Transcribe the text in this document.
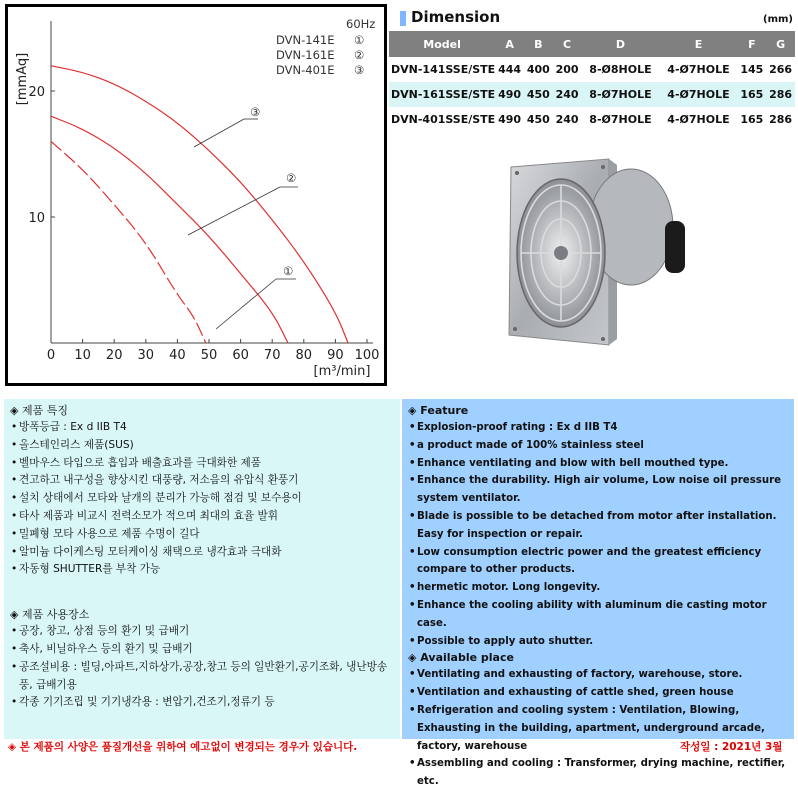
0 10 20 30 40 50 60 70 80 90 100
20
10
[mmAq]
[m³/min]
60Hz
DVN-141E ①
DVN-161E ②
DVN-401E ③
③
②
①
Dimension	(mm)
Model	A	B	C	D	E	F	G
DVN-141SSE/STE	444	400	200	8-Ø8HOLE	4-Ø7HOLE	145	266
DVN-161SSE/STE	490	450	240	8-Ø7HOLE	4-Ø7HOLE	165	286
DVN-401SSE/STE	490	450	240	8-Ø7HOLE	4-Ø7HOLE	165	286
◈ 제품 특징
• 방폭등급 : Ex d IIB T4
• 올스테인리스 제품(SUS)
• 벨마우스 타입으로 흡입과 배출효과를 극대화한 제품
• 견고하고 내구성을 향상시킨 대풍량, 저소음의 유압식 환풍기
• 설치 상태에서 모타와 날개의 분리가 가능해 점검 및 보수용이
• 타사 제품과 비교시 전력소모가 적으며 최대의 효율 발휘
• 밀폐형 모타 사용으로 제품 수명이 길다
• 알미늄 다이케스팅 모터케이싱 채택으로 냉각효과 극대화
• 자동형 SHUTTER를 부착 가능
◈ 제품 사용장소
• 공장, 창고, 상점 등의 환기 및 급배기
• 축사, 비닐하우스 등의 환기 및 급배기
• 공조설비용 : 빌딩,아파트,지하상가,공장,창고 등의 일반환기,공기조화, 냉난방송풍, 급배기용
• 각종 기기조립 및 기기냉각용 : 변압기,건조기,정류기 등
◈ Feature
• Explosion-proof rating : Ex d IIB T4
• a product made of 100% stainless steel
• Enhance ventilating and blow with bell mouthed type.
• Enhance the durability. High air volume, Low noise oil pressure system ventilator.
• Blade is possible to be detached from motor after installation. Easy for inspection or repair.
• Low consumption electric power and the greatest efficiency compare to other products.
• hermetic motor. Long longevity.
• Enhance the cooling ability with aluminum die casting motor case.
• Possible to apply auto shutter.
◈ Available place
• Ventilating and exhausting of factory, warehouse, store.
• Ventilation and exhausting of cattle shed, green house
• Refrigeration and cooling system : Ventilation, Blowing, Exhausting in the building, apartment, underground arcade, factory, warehouse
• Assembling and cooling : Transformer, drying machine, rectifier, etc.
◈ 본 제품의 사양은 품질개선을 위하여 예고없이 변경되는 경우가 있습니다.	작성일 : 2021년 3월
